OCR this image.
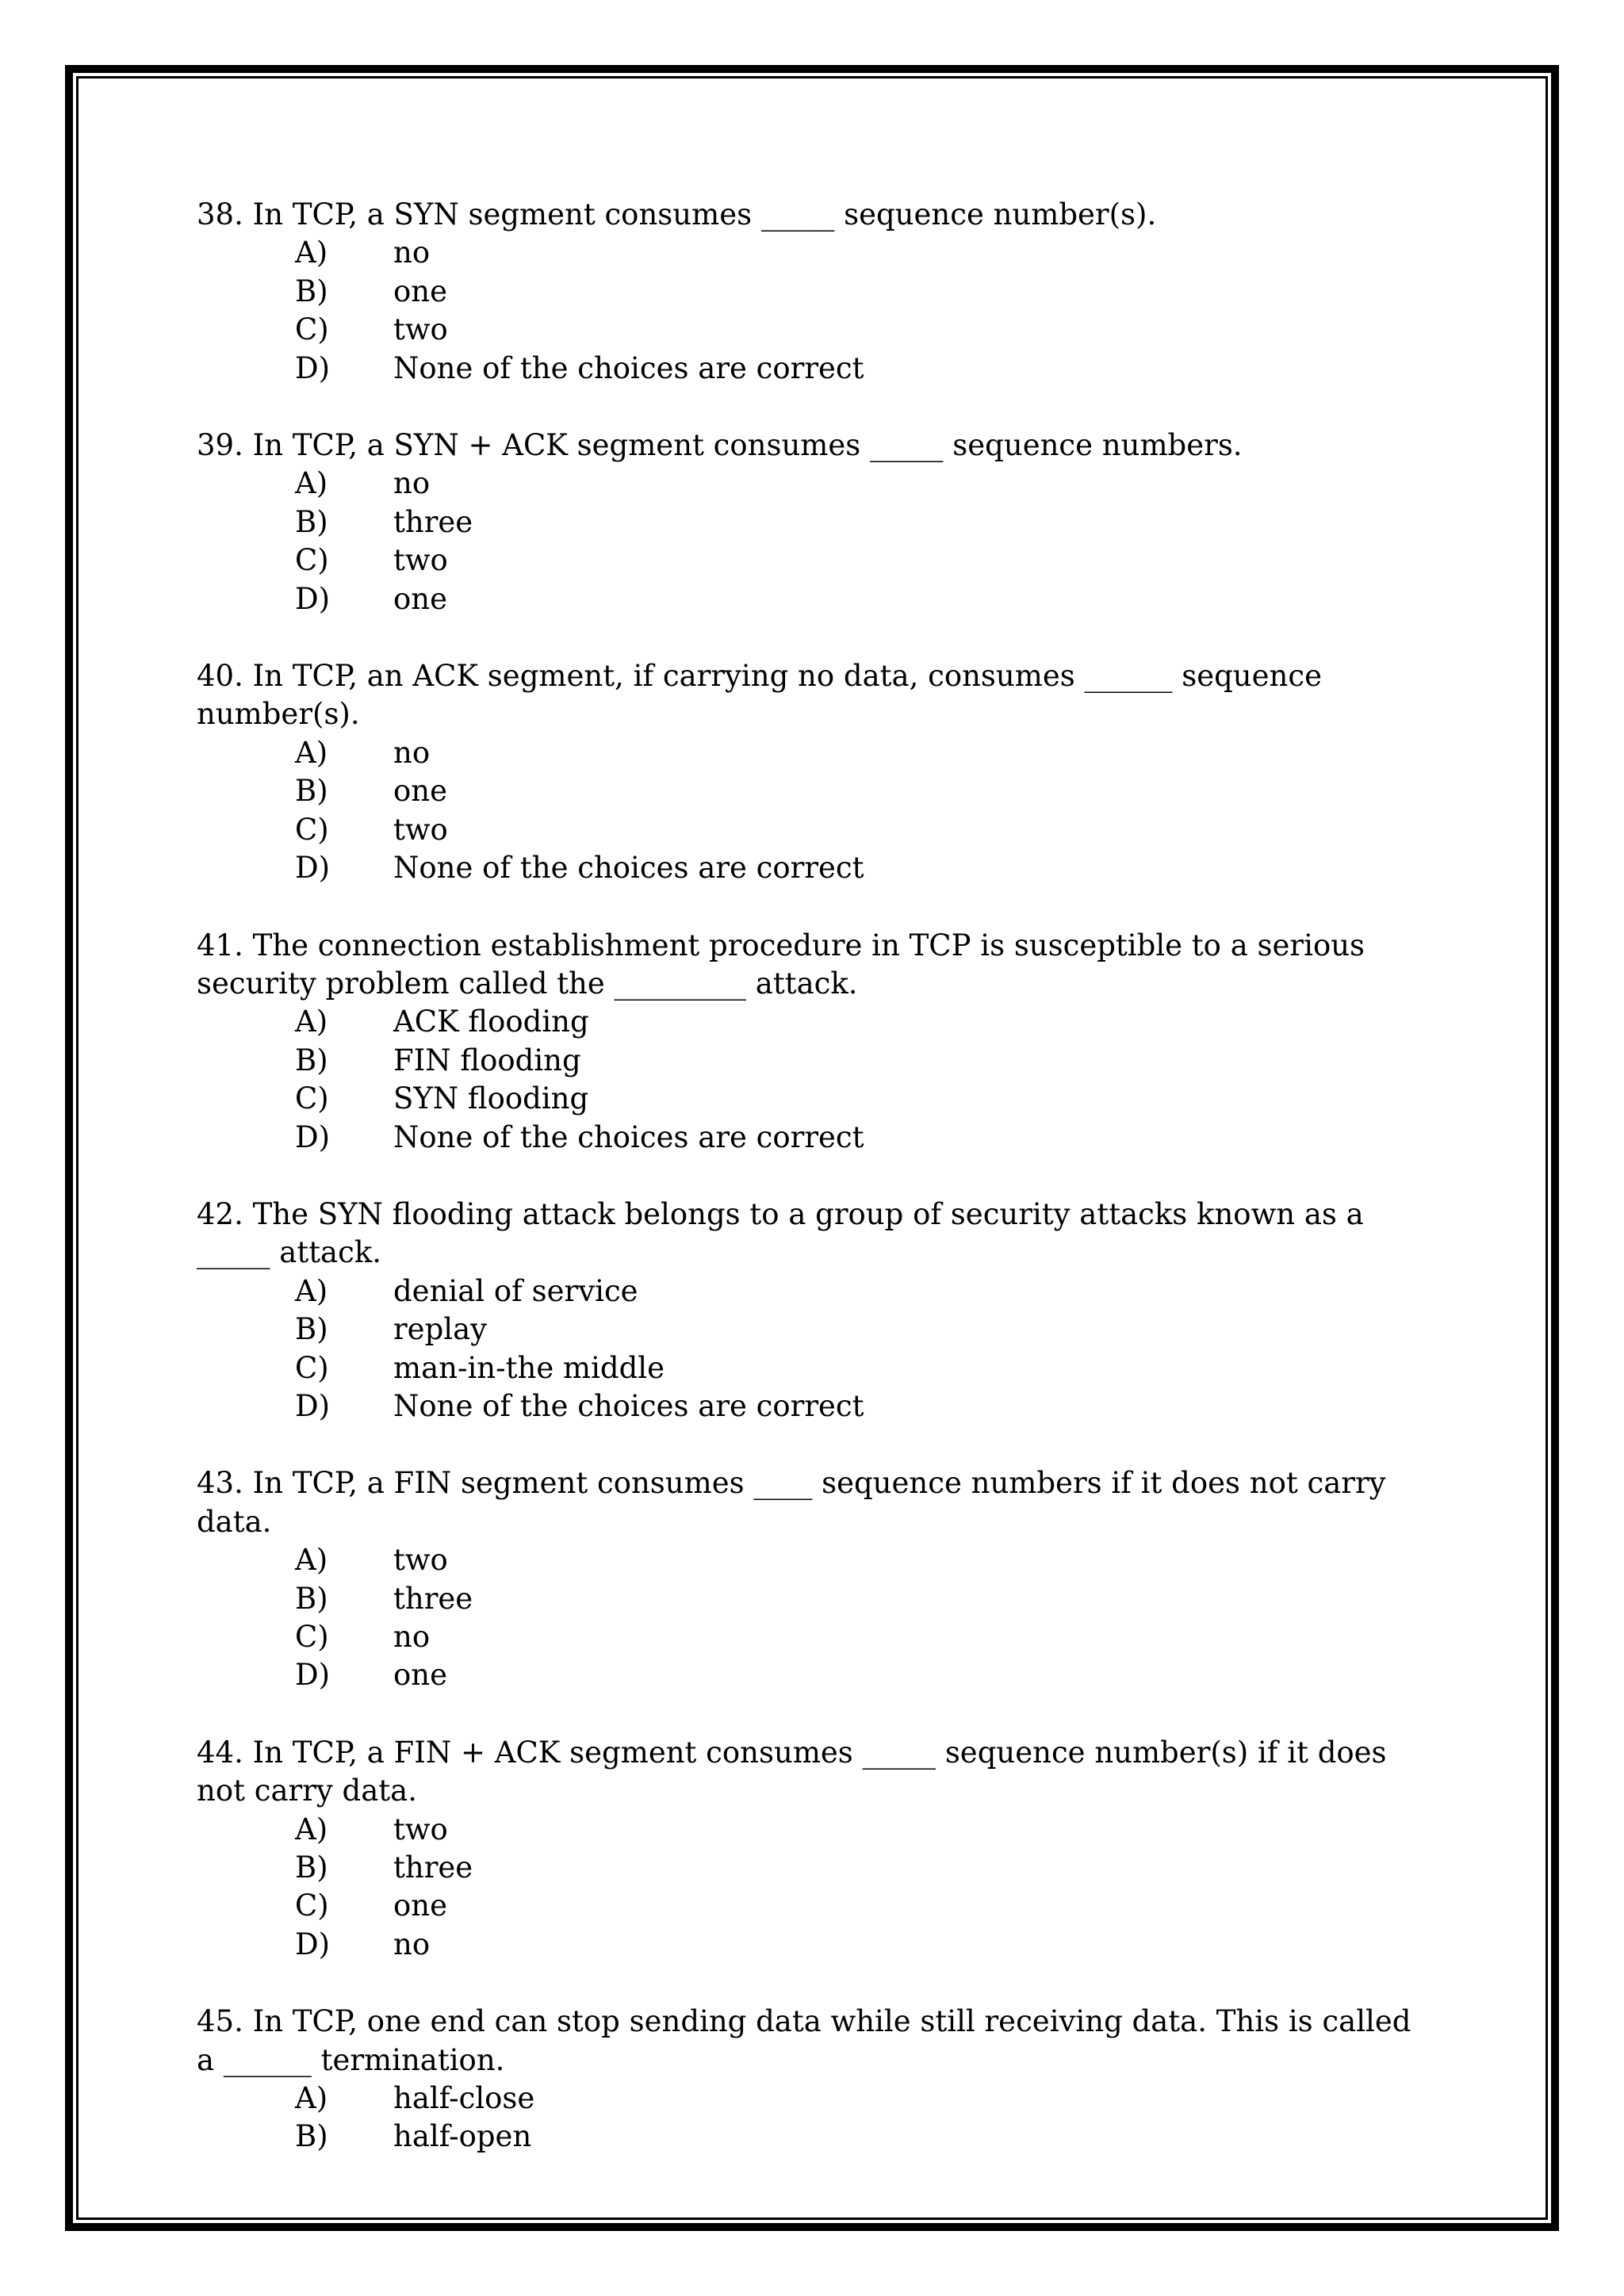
38. In TCP, a SYN segment consumes _____ sequence number(s).

A)	no
B)	one
C)	two
D)	None of the choices are correct

39. In TCP, a SYN + ACK segment consumes _____ sequence numbers.

A)	no
B)	three
C)	two
D)	one

40. In TCP, an ACK segment, if carrying no data, consumes ______ sequence number(s).

A)	no
B)	one
C)	two
D)	None of the choices are correct

41. The connection establishment procedure in TCP is susceptible to a serious security problem called the _________ attack.

A)	ACK flooding
B)	FIN flooding
C)	SYN flooding
D)	None of the choices are correct

42. The SYN flooding attack belongs to a group of security attacks known as a _____ attack.

A)	denial of service
B)	replay
C)	man-in-the middle
D)	None of the choices are correct

43. In TCP, a FIN segment consumes ____ sequence numbers if it does not carry data.

A)	two
B)	three
C)	no
D)	one

44. In TCP, a FIN + ACK segment consumes _____ sequence number(s) if it does not carry data.

A)	two
B)	three
C)	one
D)	no

45. In TCP, one end can stop sending data while still receiving data. This is called a ______ termination.

A)	half-close
B)	half-open
